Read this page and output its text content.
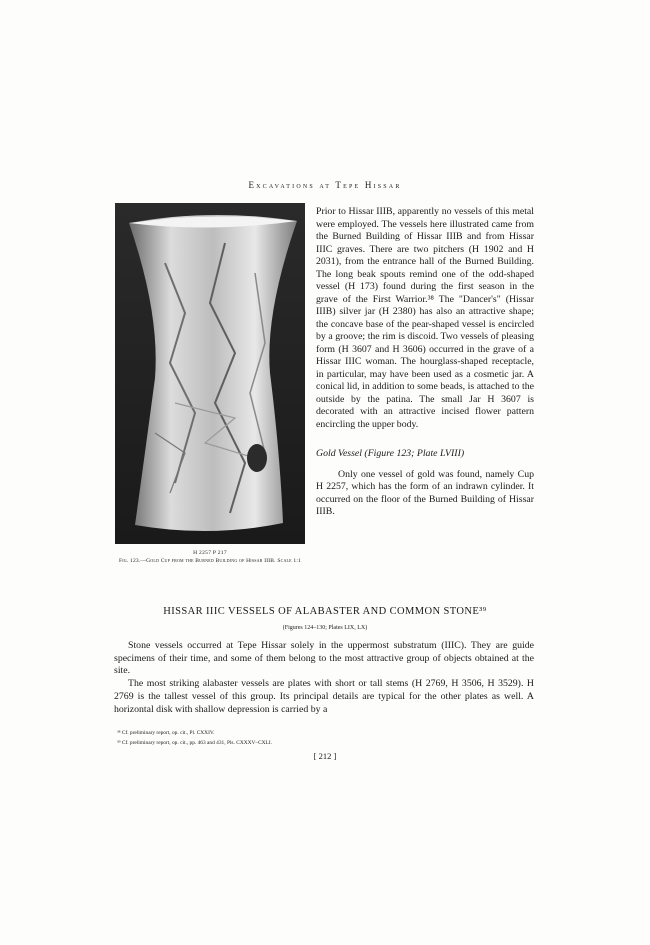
Excavations at Tepe Hissar
H 2257 P 217
Fig. 123.—Gold Cup from the Burned Building of Hissar IIIB. Scale 1:1

Prior to Hissar IIIB, apparently no vessels of this metal were employed. The vessels here illustrated came from the Burned Building of Hissar IIIB and from Hissar IIIC graves. There are two pitchers (H 1902 and H 2031), from the entrance hall of the Burned Building. The long beak spouts remind one of the odd-shaped vessel (H 173) found during the first season in the grave of the First Warrior.³⁸ The "Dancer's" (Hissar IIIB) silver jar (H 2380) has also an attractive shape; the concave base of the pear-shaped vessel is encircled by a groove; the rim is discoid. Two vessels of pleasing form (H 3607 and H 3606) occurred in the grave of a Hissar IIIC woman. The hourglass-shaped receptacle, in particular, may have been used as a cosmetic jar. A conical lid, in addition to some beads, is attached to the outside by the patina. The small Jar H 3607 is decorated with an attractive incised flower pattern encircling the upper body.

Gold Vessel (Figure 123; Plate LVIII)

Only one vessel of gold was found, namely Cup H 2257, which has the form of an indrawn cylinder. It occurred on the floor of the Burned Building of Hissar IIIB.

HISSAR IIIC VESSELS OF ALABASTER AND COMMON STONE³⁹
(Figures 124–130; Plates LIX, LX)

Stone vessels occurred at Tepe Hissar solely in the uppermost substratum (IIIC). They are guide specimens of their time, and some of them belong to the most attractive group of objects obtained at the site.

The most striking alabaster vessels are plates with short or tall stems (H 2769, H 3506, H 3529). H 2769 is the tallest vessel of this group. Its principal details are typical for the other plates as well. A horizontal disk with shallow depression is carried by a

³⁸ Cf. preliminary report, op. cit., Pl. CXXIV.

³⁹ Cf. preliminary report, op. cit., pp. 463 and 431, Pls. CXXXV–CXLI.

[ 212 ]
